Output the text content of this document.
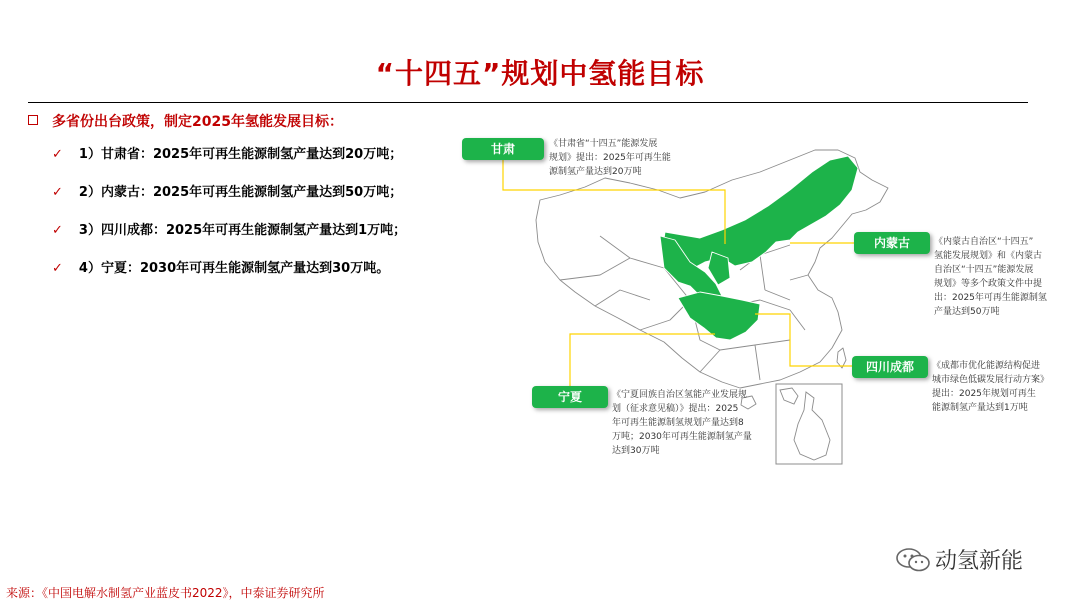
“十四五”规划中氢能目标
多省份出台政策，制定2025年氢能发展目标：
✓ 1）甘肃省：2025年可再生能源制氢产量达到20万吨；
✓ 2）内蒙古：2025年可再生能源制氢产量达到50万吨；
✓ 3）四川成都：2025年可再生能源制氢产量达到1万吨；
✓ 4）宁夏：2030年可再生能源制氢产量达到30万吨。
甘肃	《甘肃省“十四五”能源发展
规划》提出：2025年可再生能
源制氢产量达到20万吨
内蒙古	《内蒙古自治区“十四五”
氢能发展规划》和《内蒙古
自治区“十四五”能源发展
规划》等多个政策文件中提
出：2025年可再生能源制氢
产量达到50万吨
四川成都	《成都市优化能源结构促进
城市绿色低碳发展行动方案》
提出：2025年规划可再生
能源制氢产量达到1万吨
宁夏	《宁夏回族自治区氢能产业发展规
划（征求意见稿）》提出：2025
年可再生能源制氢规划产量达到8
万吨；2030年可再生能源制氢产量
达到30万吨
动氢新能
来源：《中国电解水制氢产业蓝皮书2022》，中泰证券研究所
